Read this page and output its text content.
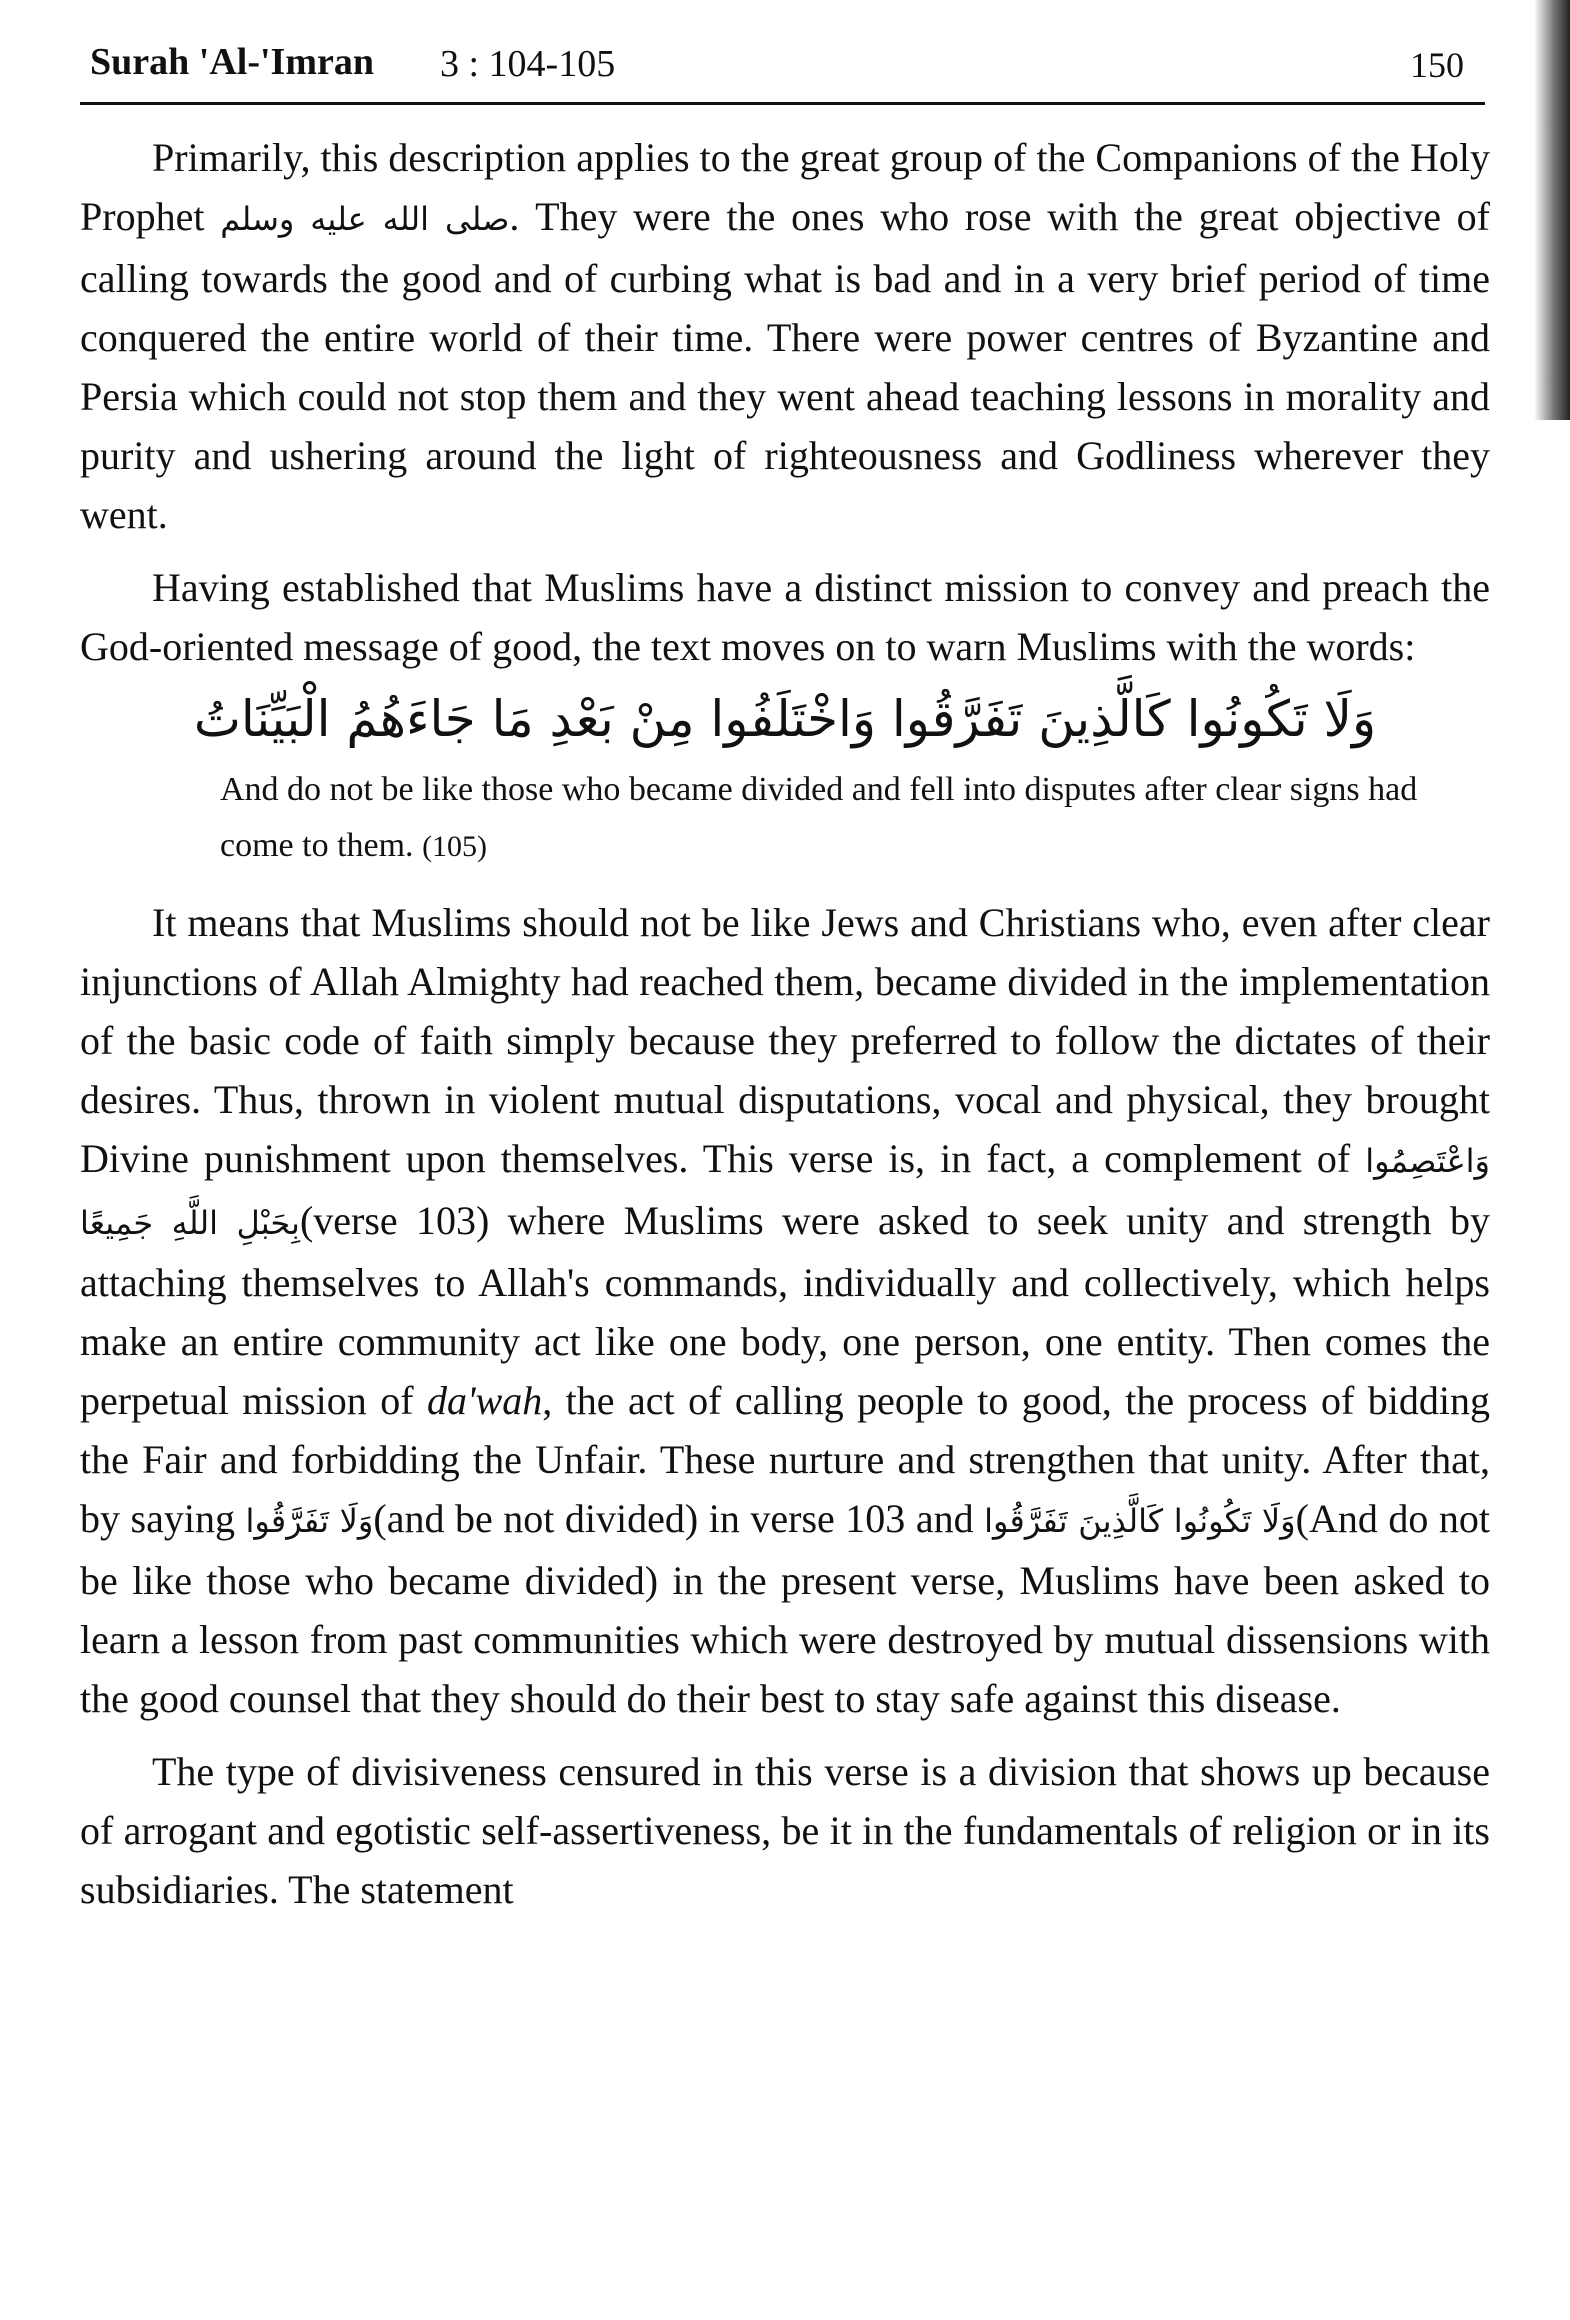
Surah 'Al-'Imran 3 : 104-105	150

Primarily, this description applies to the great group of the Companions of the Holy Prophet صلى الله عليه وسلم. They were the ones who rose with the great objective of calling towards the good and of curbing what is bad and in a very brief period of time conquered the entire world of their time. There were power centres of Byzantine and Persia which could not stop them and they went ahead teaching lessons in morality and purity and ushering around the light of righteousness and Godliness wherever they went.

Having established that Muslims have a distinct mission to convey and preach the God-oriented message of good, the text moves on to warn Muslims with the words:

وَلَا تَكُونُوا كَالَّذِينَ تَفَرَّقُوا وَاخْتَلَفُوا مِنْ بَعْدِ مَا جَاءَهُمُ الْبَيِّنَاتُ

And do not be like those who became divided and fell into disputes after clear signs had come to them. (105)

It means that Muslims should not be like Jews and Christians who, even after clear injunctions of Allah Almighty had reached them, became divided in the implementation of the basic code of faith simply because they preferred to follow the dictates of their desires. Thus, thrown in violent mutual disputations, vocal and physical, they brought Divine punishment upon themselves. This verse is, in fact, a complement of وَاعْتَصِمُوا بِحَبْلِ اللَّهِ جَمِيعًا(verse 103) where Muslims were asked to seek unity and strength by attaching themselves to Allah's commands, individually and collectively, which helps make an entire community act like one body, one person, one entity. Then comes the perpetual mission of da'wah, the act of calling people to good, the process of bidding the Fair and forbidding the Unfair. These nurture and strengthen that unity. After that, by saying وَلَا تَفَرَّقُوا(and be not divided) in verse 103 and وَلَا تَكُونُوا كَالَّذِينَ تَفَرَّقُوا(And do not be like those who became divided) in the present verse, Muslims have been asked to learn a lesson from past communities which were destroyed by mutual dissensions with the good counsel that they should do their best to stay safe against this disease.

The type of divisiveness censured in this verse is a division that shows up because of arrogant and egotistic self-assertiveness, be it in the fundamentals of religion or in its subsidiaries. The statement
